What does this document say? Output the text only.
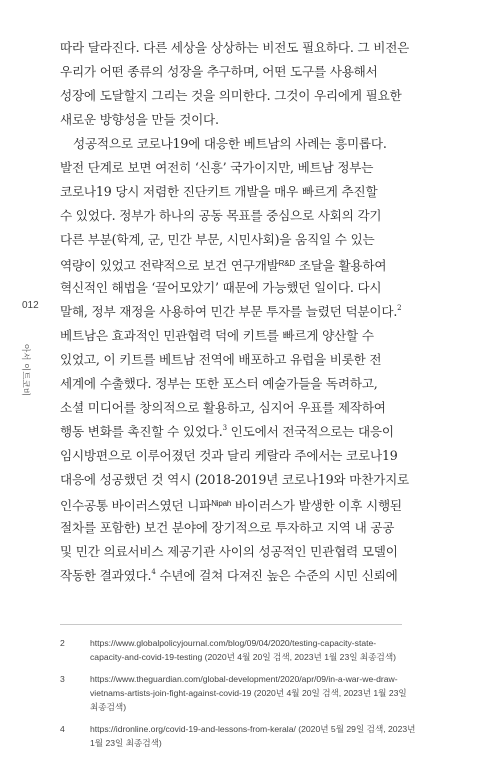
따라 달라진다. 다른 세상을 상상하는 비전도 필요하다. 그 비전은
우리가 어떤 종류의 성장을 추구하며, 어떤 도구를 사용해서
성장에 도달할지 그리는 것을 의미한다. 그것이 우리에게 필요한
새로운 방향성을 만들 것이다.
성공적으로 코로나19에 대응한 베트남의 사례는 흥미롭다.
발전 단계로 보면 여전히 ‘신흥’ 국가이지만, 베트남 정부는
코로나19 당시 저렴한 진단키트 개발을 매우 빠르게 추진할
수 있었다. 정부가 하나의 공동 목표를 중심으로 사회의 각기
다른 부분(학계, 군, 민간 부문, 시민사회)을 움직일 수 있는
역량이 있었고 전략적으로 보건 연구개발$^{R\&D}$ 조달을 활용하여
혁신적인 해법을 ‘끌어모았기’ 때문에 가능했던 일이다. 다시
말해, 정부 재정을 사용하여 민간 부문 투자를 늘렸던 덕분이다.$^2$
베트남은 효과적인 민관협력 덕에 키트를 빠르게 양산할 수
있었고, 이 키트를 베트남 전역에 배포하고 유럽을 비롯한 전
세계에 수출했다. 정부는 또한 포스터 예술가들을 독려하고,
소셜 미디어를 창의적으로 활용하고, 심지어 우표를 제작하여
행동 변화를 촉진할 수 있었다.$^3$ 인도에서 전국적으로는 대응이
임시방편으로 이루어졌던 것과 달리 케랄라 주에서는 코로나19
대응에 성공했던 것 역시 (2018-2019년 코로나19와 마찬가지로
인수공통 바이러스였던 니파$^{Nipah}$ 바이러스가 발생한 이후 시행된
절차를 포함한) 보건 분야에 장기적으로 투자하고 지역 내 공공
및 민간 의료서비스 제공기관 사이의 성공적인 민관협력 모델이
작동한 결과였다.$^4$ 수년에 걸쳐 다져진 높은 수준의 시민 신뢰에
012
아서 이트코비
2	https://www.globalpolicyjournal.com/blog/09/04/2020/testing-capacity-state-
capacity-and-covid-19-testing (2020년 4월 20일 검색, 2023년 1월 23일 최종검색)
3	https://www.theguardian.com/global-development/2020/apr/09/in-a-war-we-draw-
vietnams-artists-join-fight-against-covid-19 (2020년 4월 20일 검색, 2023년 1월 23일
최종검색)
4	https://idronline.org/covid-19-and-lessons-from-kerala/ (2020년 5월 29일 검색, 2023년
1월 23일 최종검색)
